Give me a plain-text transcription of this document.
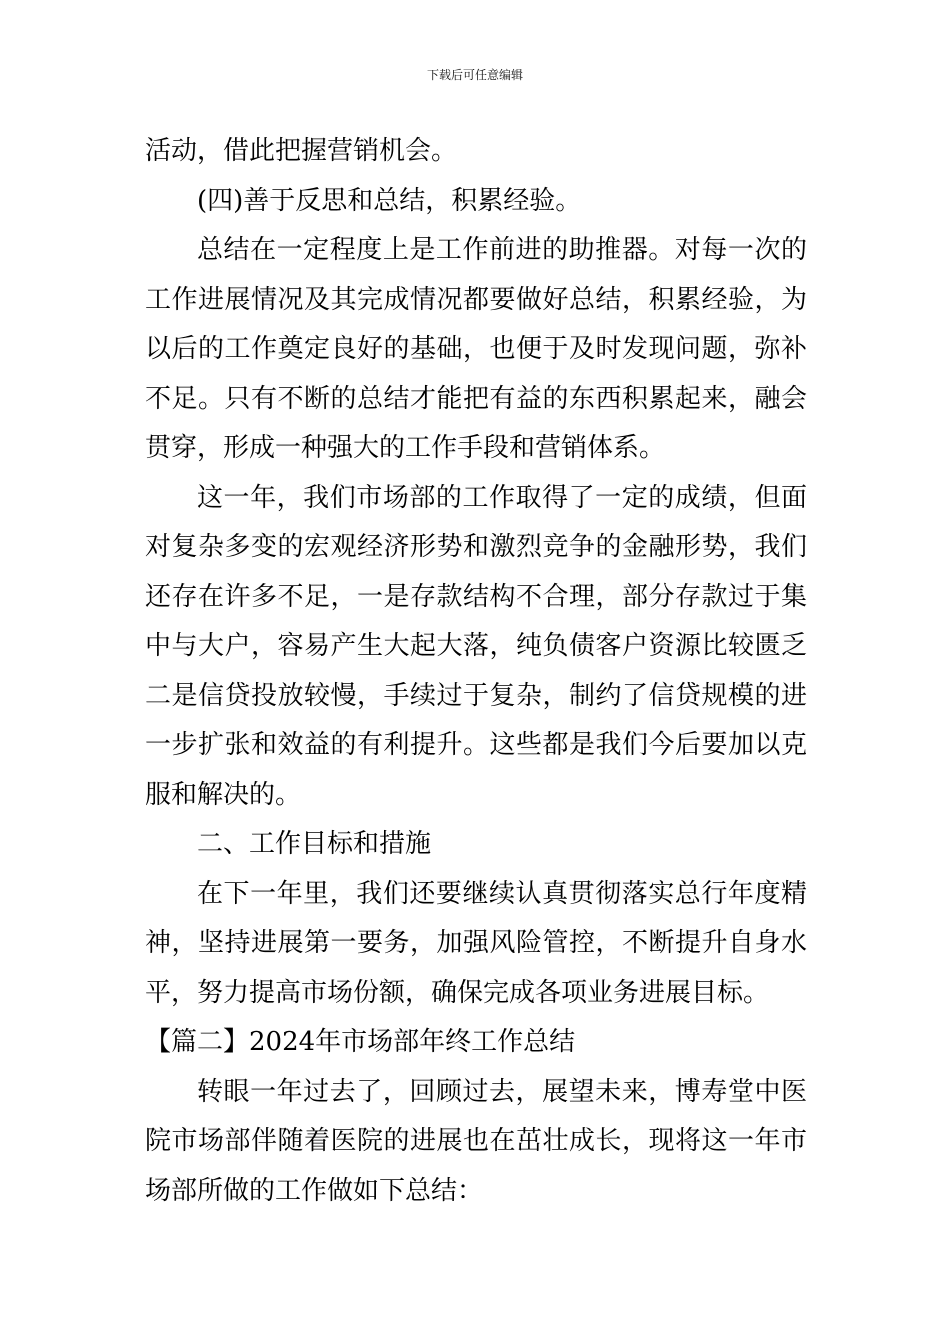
下载后可任意编辑

活动，借此把握营销机会。

(四)善于反思和总结，积累经验。

总结在一定程度上是工作前进的助推器。对每一次的工作进展情况及其完成情况都要做好总结，积累经验，为以后的工作奠定良好的基础，也便于及时发现问题，弥补不足。只有不断的总结才能把有益的东西积累起来，融会贯穿，形成一种强大的工作手段和营销体系。

这一年，我们市场部的工作取得了一定的成绩，但面对复杂多变的宏观经济形势和激烈竞争的金融形势，我们还存在许多不足，一是存款结构不合理，部分存款过于集中与大户，容易产生大起大落，纯负债客户资源比较匮乏二是信贷投放较慢，手续过于复杂，制约了信贷规模的进一步扩张和效益的有利提升。这些都是我们今后要加以克服和解决的。

二、工作目标和措施

在下一年里，我们还要继续认真贯彻落实总行年度精神，坚持进展第一要务，加强风险管控，不断提升自身水平，努力提高市场份额，确保完成各项业务进展目标。

【篇二】2024年市场部年终工作总结

转眼一年过去了，回顾过去，展望未来，博寿堂中医院市场部伴随着医院的进展也在茁壮成长，现将这一年市场部所做的工作做如下总结：
